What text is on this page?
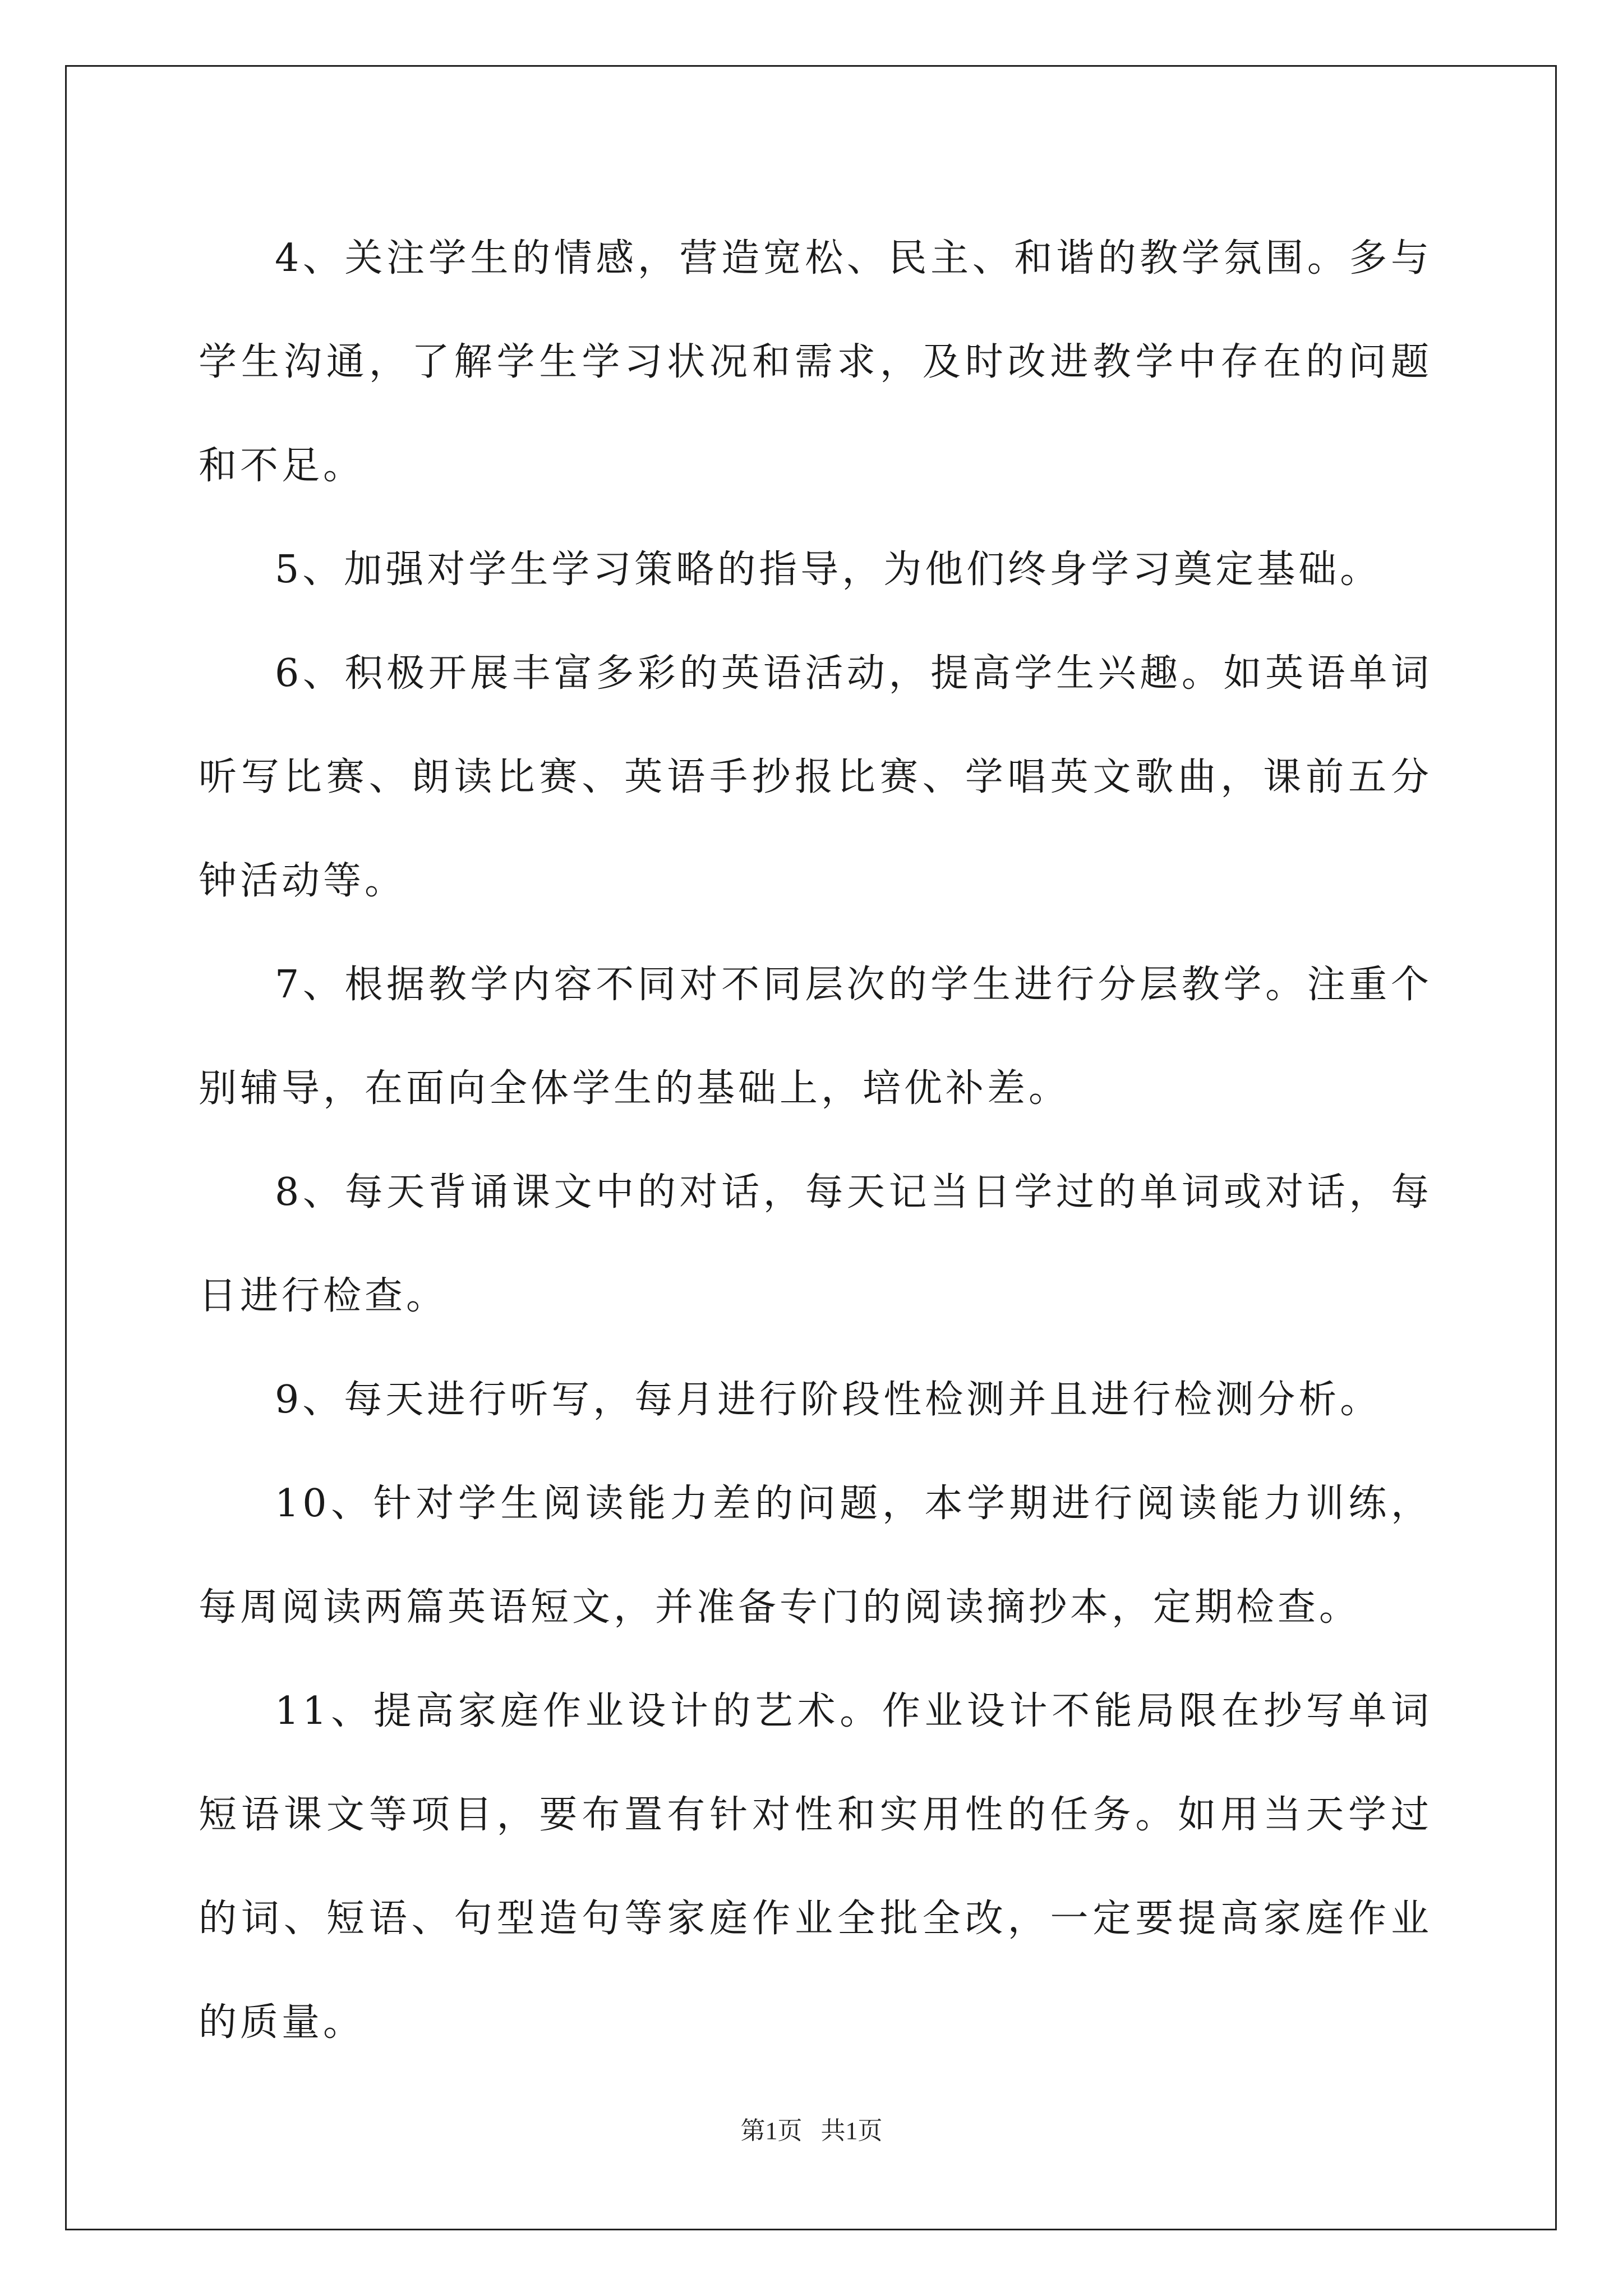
4、关注学生的情感，营造宽松、民主、和谐的教学氛围。多与学生沟通，了解学生学习状况和需求，及时改进教学中存在的问题和不足。

5、加强对学生学习策略的指导，为他们终身学习奠定基础。

6、积极开展丰富多彩的英语活动，提高学生兴趣。如英语单词听写比赛、朗读比赛、英语手抄报比赛、学唱英文歌曲，课前五分钟活动等。

7、根据教学内容不同对不同层次的学生进行分层教学。注重个别辅导，在面向全体学生的基础上，培优补差。

8、每天背诵课文中的对话，每天记当日学过的单词或对话，每日进行检查。

9、每天进行听写，每月进行阶段性检测并且进行检测分析。

10、针对学生阅读能力差的问题，本学期进行阅读能力训练，每周阅读两篇英语短文，并准备专门的阅读摘抄本，定期检查。

11、提高家庭作业设计的艺术。作业设计不能局限在抄写单词短语课文等项目，要布置有针对性和实用性的任务。如用当天学过的词、短语、句型造句等家庭作业全批全改，一定要提高家庭作业的质量。

第1页   共1页
